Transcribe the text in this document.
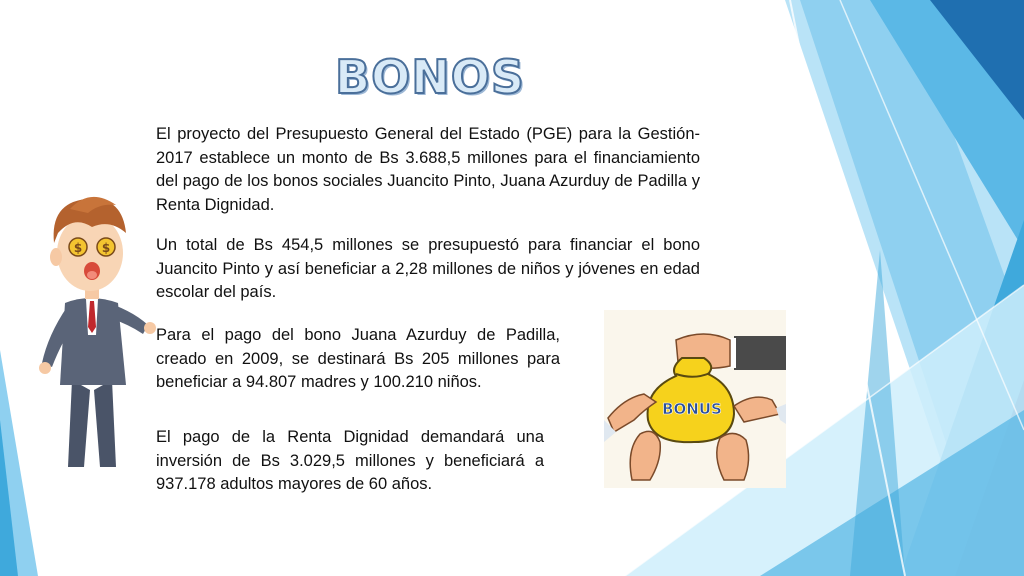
BONOS

El proyecto del Presupuesto General del Estado (PGE) para la Gestión-2017 establece un monto de Bs 3.688,5 millones para el financiamiento del pago de los bonos sociales Juancito Pinto, Juana Azurduy de Padilla y Renta Dignidad.

Un total de Bs 454,5 millones se presupuestó para financiar el bono Juancito Pinto y así beneficiar a 2,28 millones de niños y jóvenes en edad escolar del país.

Para el pago del bono Juana Azurduy de Padilla, creado en 2009, se destinará Bs 205 millones para beneficiar a 94.807 madres y 100.210 niños.

El pago de la Renta Dignidad demandará una inversión de Bs 3.029,5 millones y beneficiará a 937.178 adultos mayores de 60 años.

$ $
BONUS
